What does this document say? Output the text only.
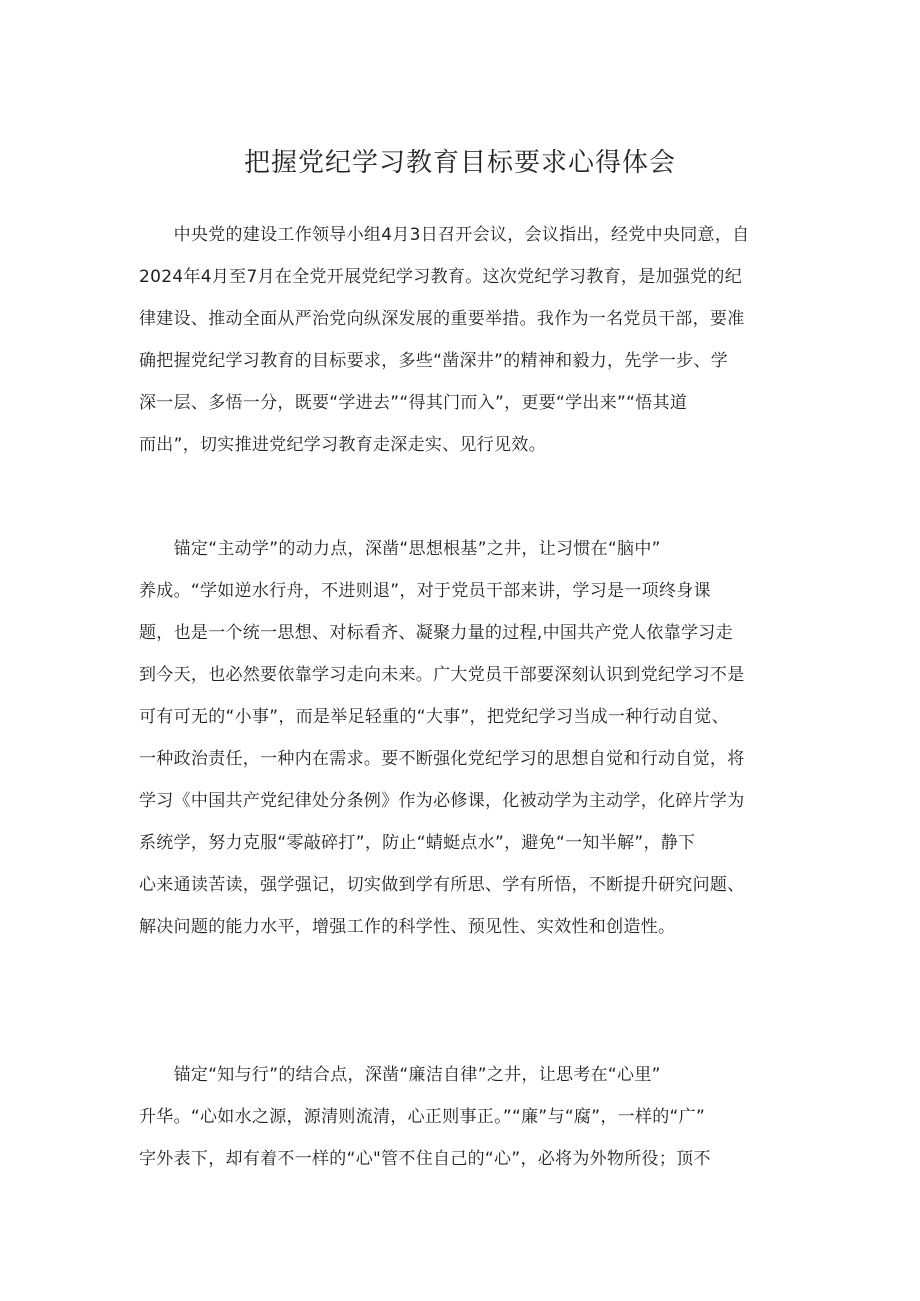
把握党纪学习教育目标要求心得体会
　　中央党的建设工作领导小组4月3日召开会议，会议指出，经党中央同意，自
2024年4月至7月在全党开展党纪学习教育。这次党纪学习教育，是加强党的纪
律建设、推动全面从严治党向纵深发展的重要举措。我作为一名党员干部，要准
确把握党纪学习教育的目标要求，多些“凿深井”的精神和毅力，先学一步、学
深一层、多悟一分，既要“学进去”“得其门而入”，更要“学出来”“悟其道
而出”，切实推进党纪学习教育走深走实、见行见效。
　　锚定“主动学”的动力点，深凿“思想根基”之井，让习惯在“脑中”
养成。“学如逆水行舟，不进则退”，对于党员干部来讲，学习是一项终身课
题，也是一个统一思想、对标看齐、凝聚力量的过程,中国共产党人依靠学习走
到今天，也必然要依靠学习走向未来。广大党员干部要深刻认识到党纪学习不是
可有可无的“小事”，而是举足轻重的“大事”，把党纪学习当成一种行动自觉、
一种政治责任，一种内在需求。要不断强化党纪学习的思想自觉和行动自觉，将
学习《中国共产党纪律处分条例》作为必修课，化被动学为主动学，化碎片学为
系统学，努力克服“零敲碎打”，防止“蜻蜓点水”，避免“一知半解”，静下
心来通读苦读，强学强记，切实做到学有所思、学有所悟，不断提升研究问题、
解决问题的能力水平，增强工作的科学性、预见性、实效性和创造性。
　　锚定“知与行”的结合点，深凿“廉洁自律”之井，让思考在“心里”
升华。“心如水之源，源清则流清，心正则事正。”“廉”与“腐”，一样的“广”
字外表下，却有着不一样的“心"管不住自己的“心”，必将为外物所役；顶不
